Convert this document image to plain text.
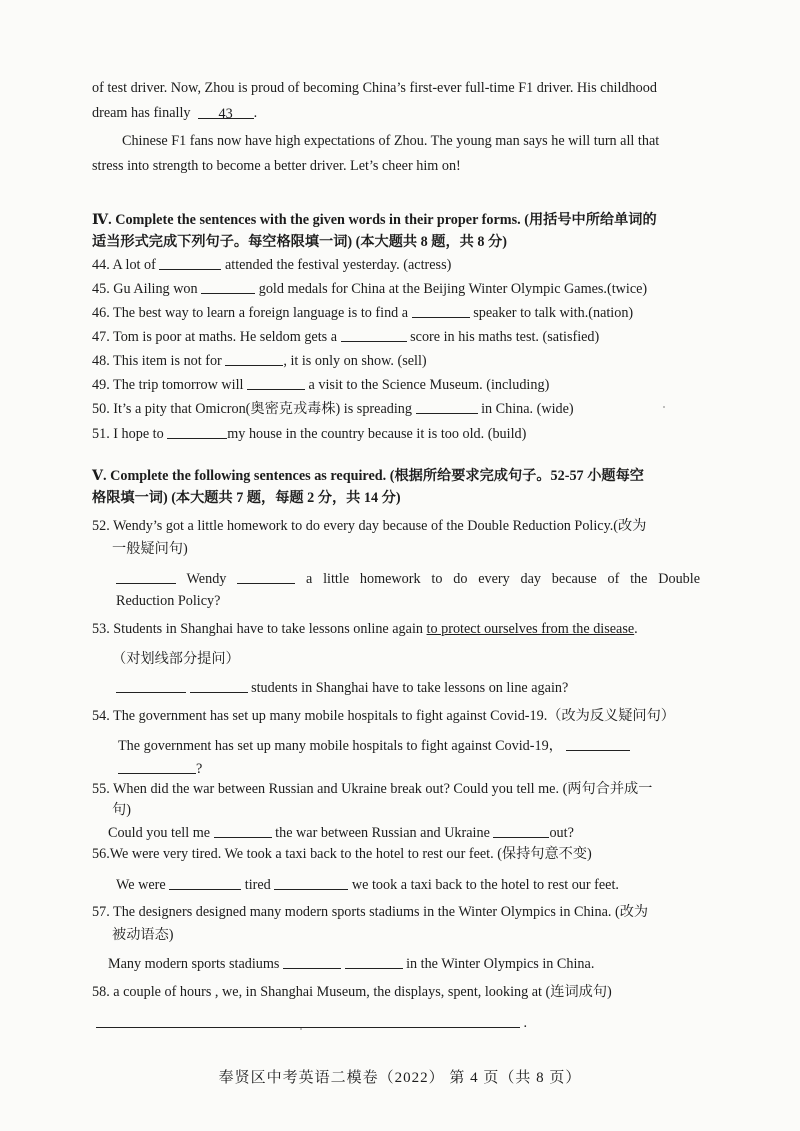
of test driver. Now, Zhou is proud of becoming China’s first-ever full-time F1 driver. His childhood
dream has finally 43 .
Chinese F1 fans now have high expectations of Zhou. The young man says he will turn all that
stress into strength to become a better driver. Let’s cheer him on!
Ⅳ. Complete the sentences with the given words in their proper forms. (用括号中所给单词的
适当形式完成下列句子。每空格限填一词) (本大题共 8 题，共 8 分)
44. A lot of	attended the festival yesterday. (actress)
45. Gu Ailing won	gold medals for China at the Beijing Winter Olympic Games.(twice)
46. The best way to learn a foreign language is to find a	speaker to talk with.(nation)
47. Tom is poor at maths. He seldom gets a	score in his maths test. (satisfied)
48. This item is not for	, it is only on show. (sell)
49. The trip tomorrow will	a visit to the Science Museum. (including)
50. It’s a pity that Omicron(奥密克戎毒株) is spreading	in China. (wide)
51. I hope to	my house in the country because it is too old. (build)
Ⅴ. Complete the following sentences as required. (根据所给要求完成句子。52-57 小题每空
格限填一词) (本大题共 7 题，每题 2 分，共 14 分)
52. Wendy’s got a little homework to do every day because of the Double Reduction Policy.(改为
一般疑问句)
Wendy	a little homework to do every day because of the Double
Reduction Policy?
53. Students in Shanghai have to take lessons online again to protect ourselves from the disease.
（对划线部分提问）
students in Shanghai have to take lessons on line again?
54. The government has set up many mobile hospitals to fight against Covid-19.（改为反义疑问句）
The government has set up many mobile hospitals to fight against Covid-19，
?
55. When did the war between Russian and Ukraine break out? Could you tell me. (两句合并成一
句)
Could you tell me	the war between Russian and Ukraine	out?
56.We were very tired. We took a taxi back to the hotel to rest our feet. (保持句意不变)
We were	tired	we took a taxi back to the hotel to rest our feet.
57. The designers designed many modern sports stadiums in the Winter Olympics in China. (改为
被动语态)
Many modern sports stadiums	in the Winter Olympics in China.
58. a couple of hours , we, in Shanghai Museum, the displays, spent, looking at (连词成句)
.
奉贤区中考英语二模卷（2022） 第 4 页（共 8 页）
